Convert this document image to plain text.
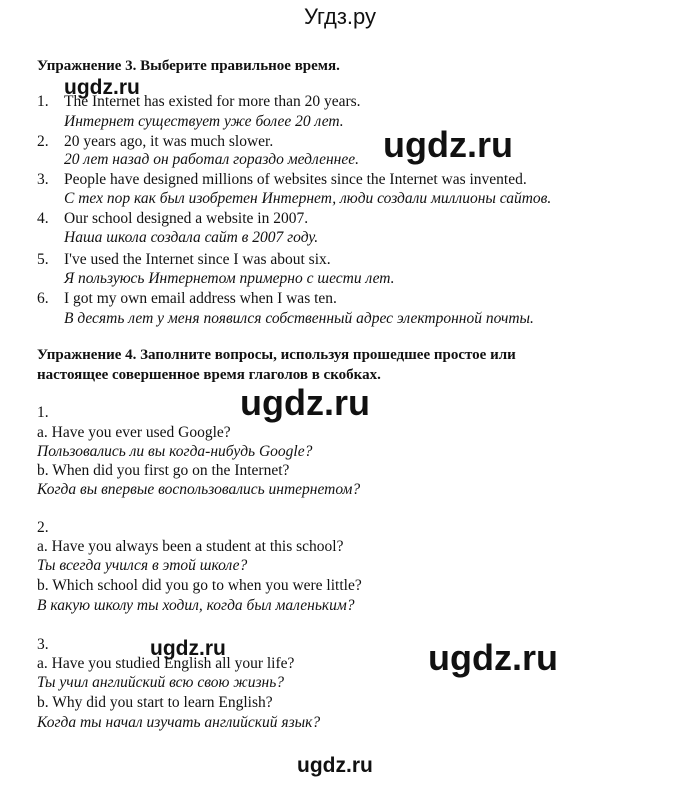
Угдз.ру
Упражнение 3. Выберите правильное время.
1. The Internet has existed for more than 20 years.
Интернет существует уже более 20 лет.
2. 20 years ago, it was much slower.
20 лет назад он работал гораздо медленнее.
3. People have designed millions of websites since the Internet was invented.
С тех пор как был изобретен Интернет, люди создали миллионы сайтов.
4. Our school designed a website in 2007.
Наша школа создала сайт в 2007 году.
5. I've used the Internet since I was about six.
Я пользуюсь Интернетом примерно с шести лет.
6. I got my own email address when I was ten.
В десять лет у меня появился собственный адрес электронной почты.
Упражнение 4. Заполните вопросы, используя прошедшее простое или
настоящее совершенное время глаголов в скобках.
1.
a. Have you ever used Google?
Пользовались ли вы когда-нибудь Google?
b. When did you first go on the Internet?
Когда вы впервые воспользовались интернетом?
2.
a. Have you always been a student at this school?
Ты всегда учился в этой школе?
b. Which school did you go to when you were little?
В какую школу ты ходил, когда был маленьким?
3.
a. Have you studied English all your life?
Ты учил английский всю свою жизнь?
b. Why did you start to learn English?
Когда ты начал изучать английский язык?
ugdz.ru
ugdz.ru
ugdz.ru
ugdz.ru	ugdz.ru
ugdz.ru
